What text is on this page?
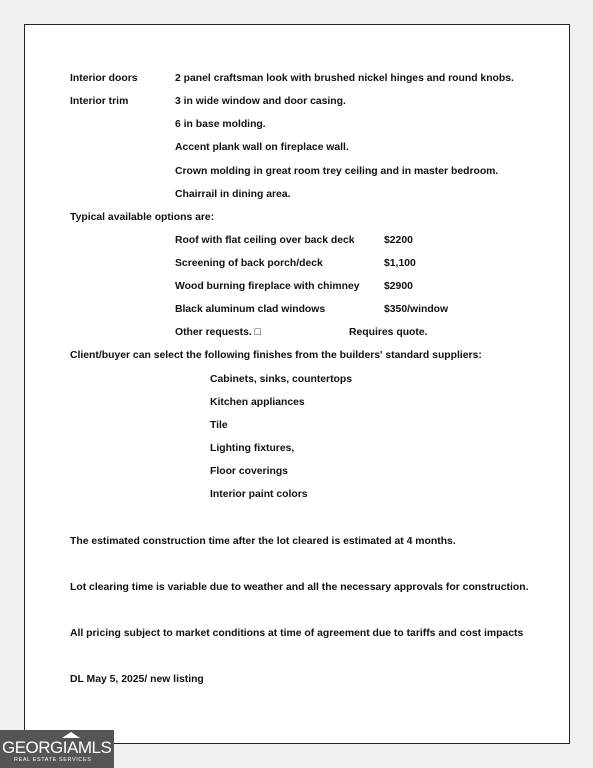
Interior doors	2 panel craftsman look with brushed nickel hinges and round knobs.
Interior trim	3 in wide window and door casing.
6 in base molding.
Accent plank wall on fireplace wall.
Crown molding in great room trey ceiling and in master bedroom.
Chairrail in dining area.
Typical available options are:
Roof with flat ceiling over back deck	$2200
Screening of back porch/deck	$1,100
Wood burning fireplace with chimney $2900
Black aluminum clad windows	$350/window
Other requests. □	Requires quote.
Client/buyer can select the following finishes from the builders' standard suppliers:
Cabinets, sinks, countertops
Kitchen appliances
Tile
Lighting fixtures,
Floor coverings
Interior paint colors
The estimated construction time after the lot cleared is estimated at 4 months.
Lot clearing time is variable due to weather and all the necessary approvals for construction.
All pricing subject to market conditions at time of agreement due to tariffs and cost impacts
DL May 5, 2025/ new listing
GEORGIAMLS
REAL ESTATE SERVICES
